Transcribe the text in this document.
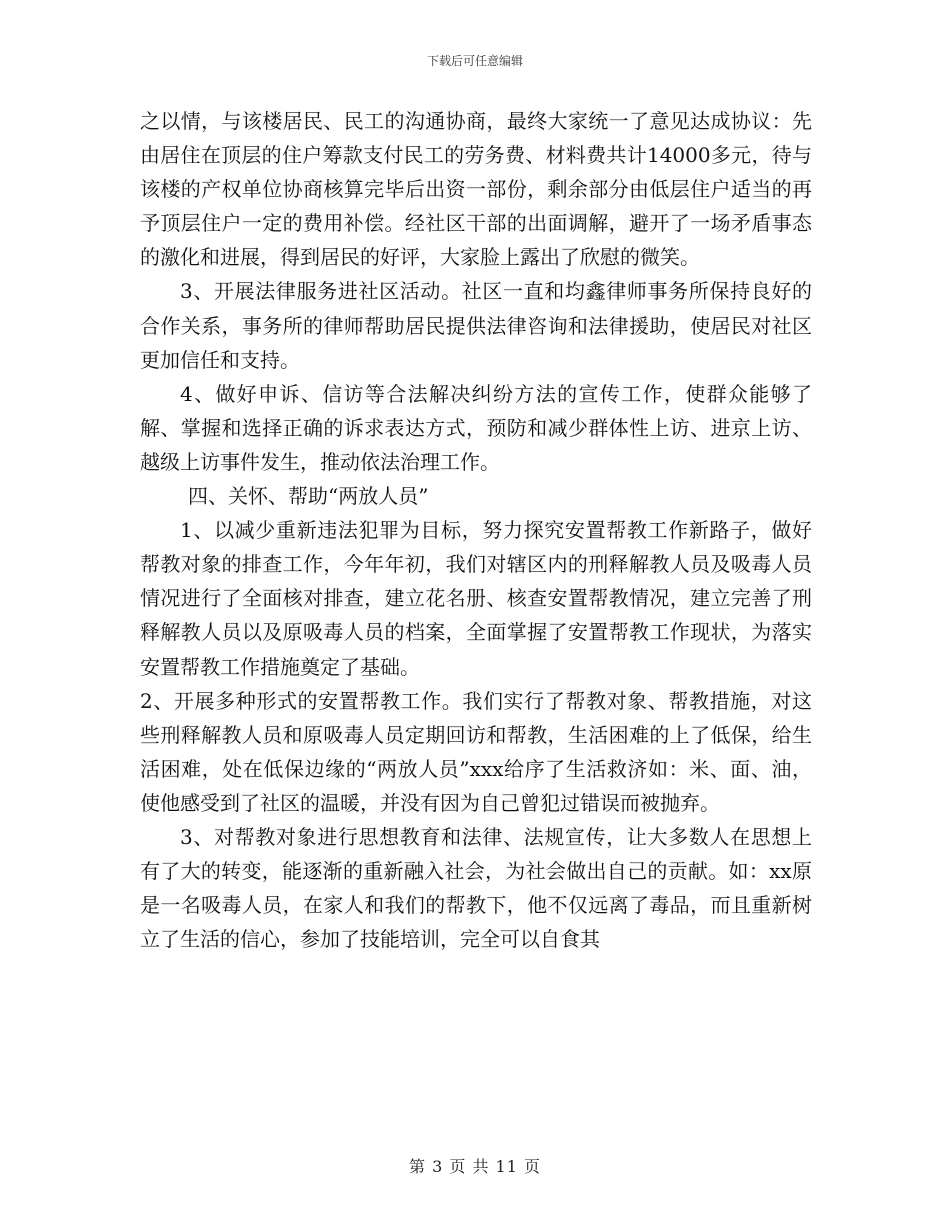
下载后可任意编辑

之以情，与该楼居民、民工的沟通协商，最终大家统一了意见达成协议：先由居住在顶层的住户筹款支付民工的劳务费、材料费共计14000多元，待与该楼的产权单位协商核算完毕后出资一部份，剩余部分由低层住户适当的再予顶层住户一定的费用补偿。经社区干部的出面调解，避开了一场矛盾事态的激化和进展，得到居民的好评，大家脸上露出了欣慰的微笑。

3、开展法律服务进社区活动。社区一直和均鑫律师事务所保持良好的合作关系，事务所的律师帮助居民提供法律咨询和法律援助，使居民对社区更加信任和支持。

4、做好申诉、信访等合法解决纠纷方法的宣传工作，使群众能够了解、掌握和选择正确的诉求表达方式，预防和减少群体性上访、进京上访、越级上访事件发生，推动依法治理工作。

四、关怀、帮助“两放人员”

1、以减少重新违法犯罪为目标，努力探究安置帮教工作新路子，做好帮教对象的排查工作，今年年初，我们对辖区内的刑释解教人员及吸毒人员情况进行了全面核对排查，建立花名册、核查安置帮教情况，建立完善了刑释解教人员以及原吸毒人员的档案，全面掌握了安置帮教工作现状，为落实安置帮教工作措施奠定了基础。

2、开展多种形式的安置帮教工作。我们实行了帮教对象、帮教措施，对这些刑释解教人员和原吸毒人员定期回访和帮教，生活困难的上了低保，给生活困难，处在低保边缘的“两放人员”xxx给序了生活救济如：米、面、油，使他感受到了社区的温暖，并没有因为自己曾犯过错误而被抛弃。

3、对帮教对象进行思想教育和法律、法规宣传，让大多数人在思想上有了大的转变，能逐渐的重新融入社会，为社会做出自己的贡献。如：xx原是一名吸毒人员，在家人和我们的帮教下，他不仅远离了毒品，而且重新树立了生活的信心，参加了技能培训，完全可以自食其

第 3 页 共 11 页
